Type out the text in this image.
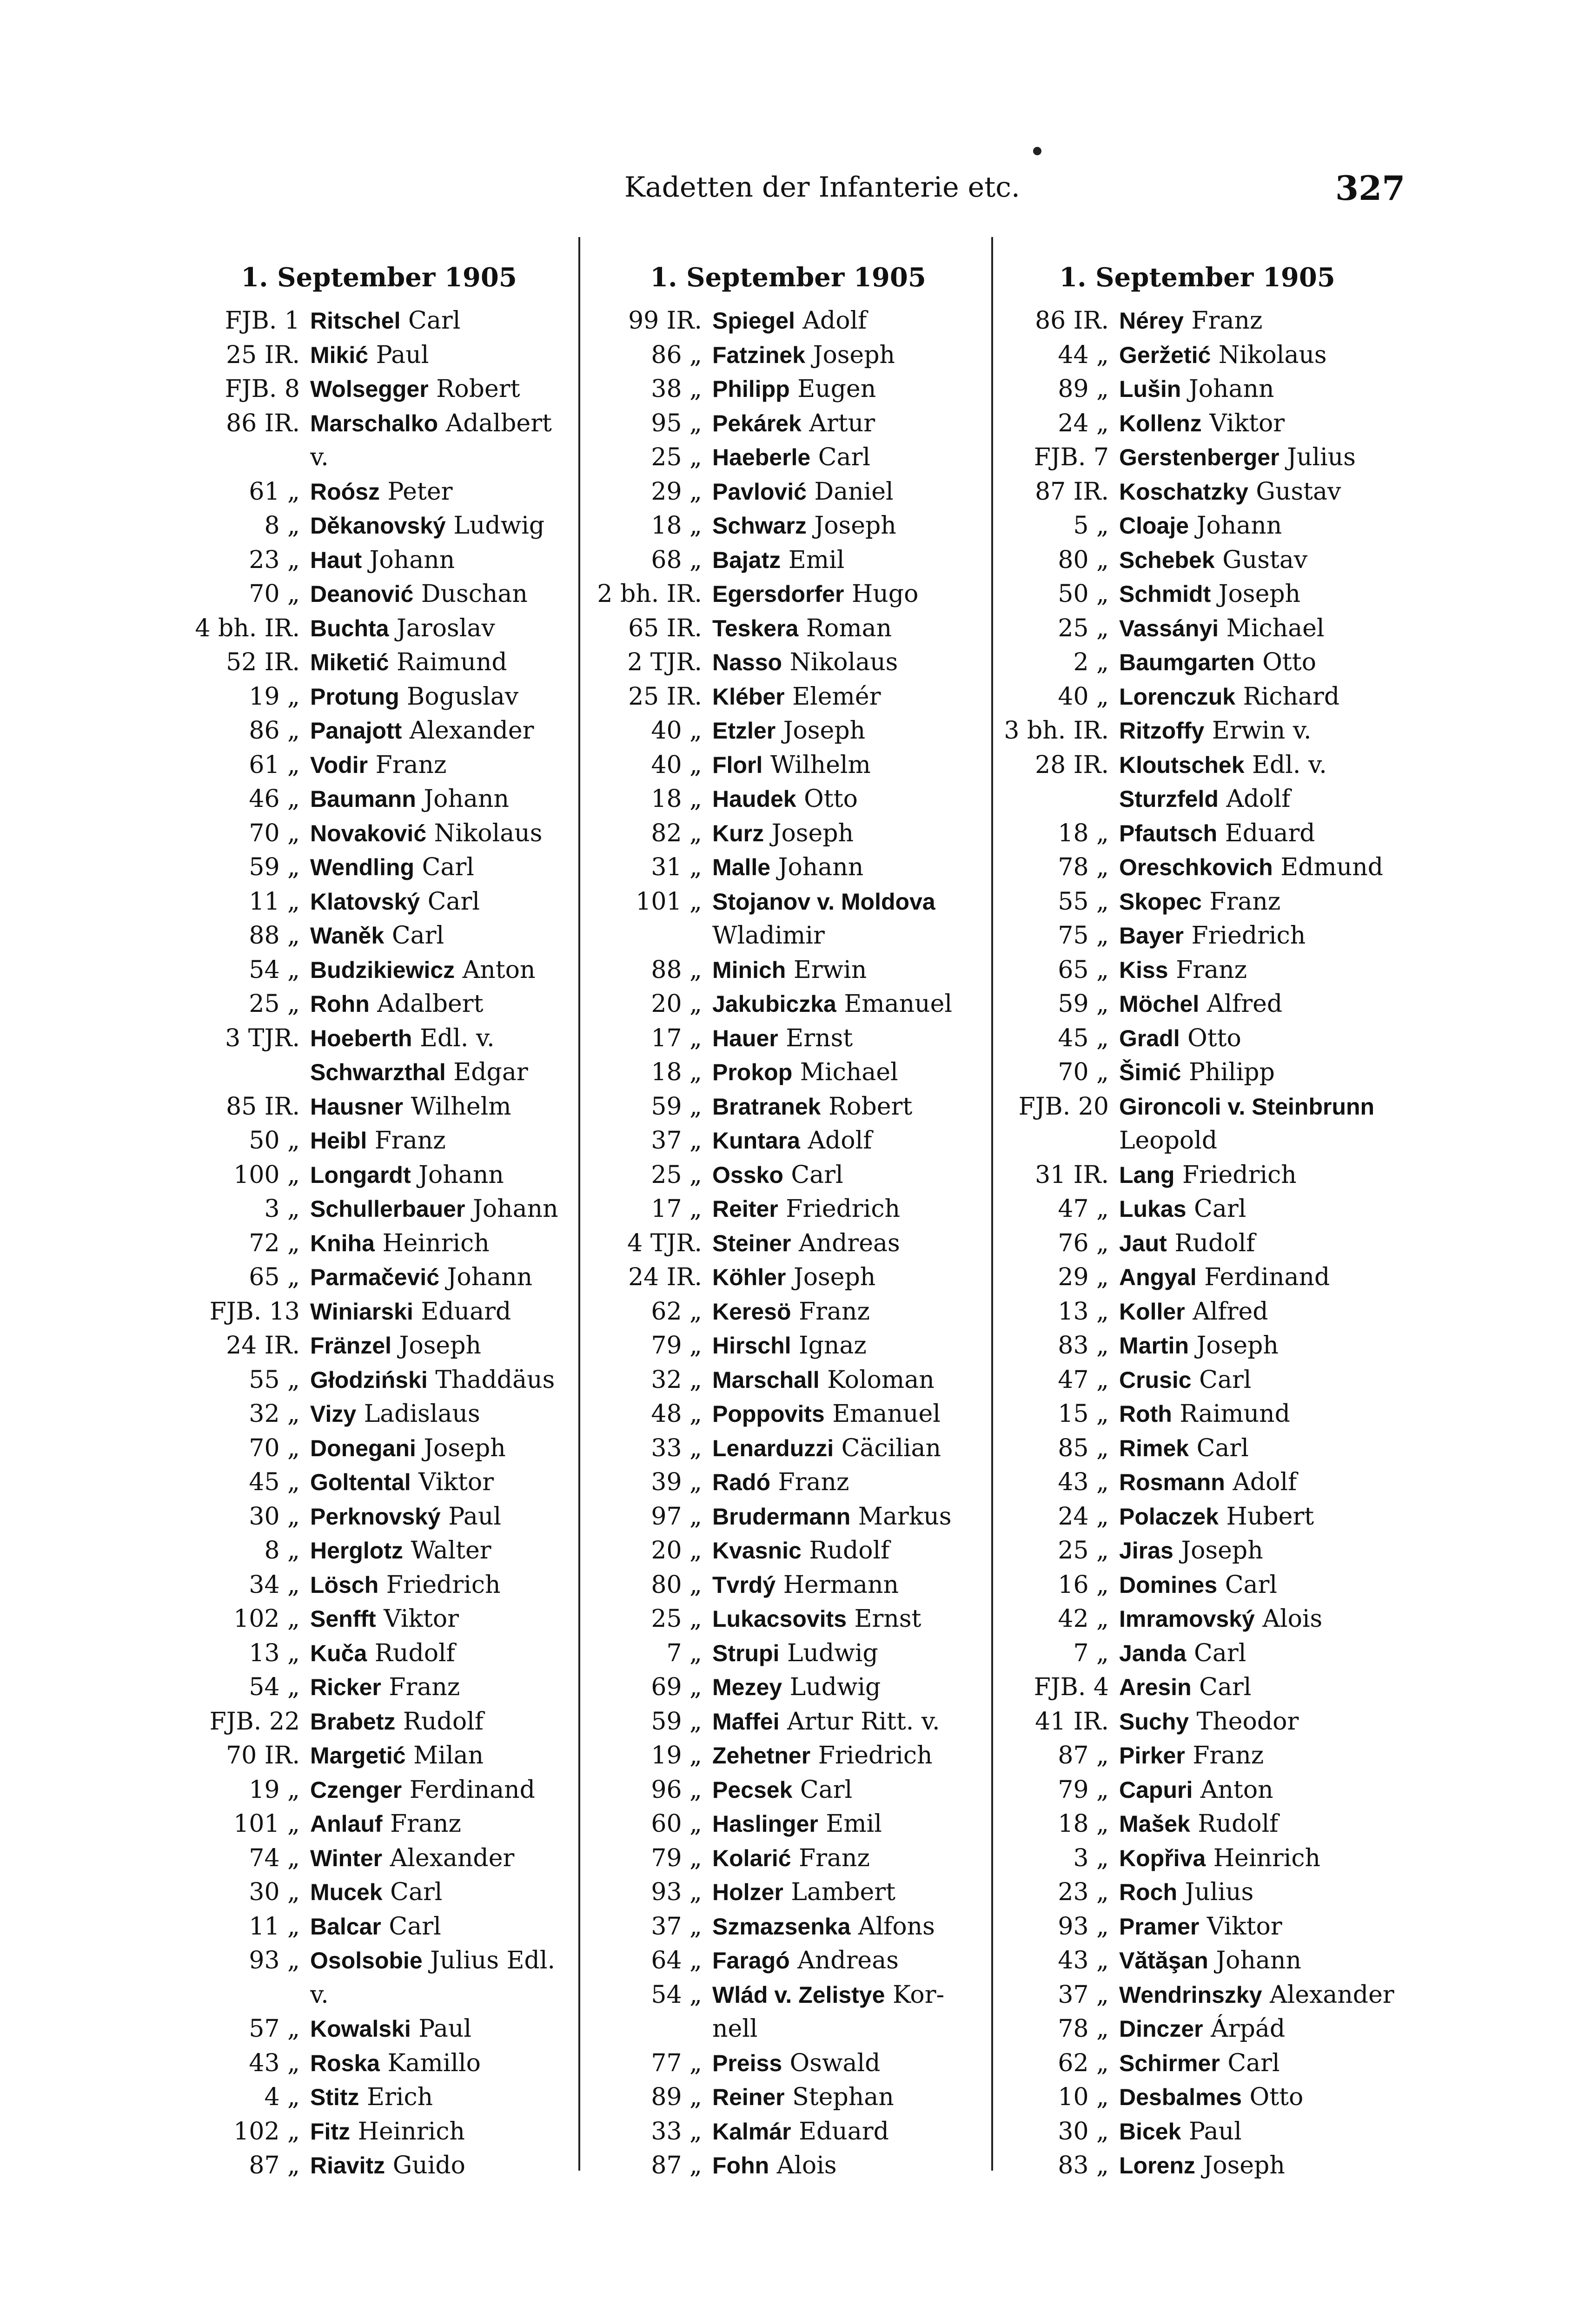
Kadetten der Infanterie etc.	327
1. September 1905
FJB. 1 Ritschel Carl
25 IR. Mikić Paul
FJB. 8 Wolsegger Robert
86 IR. Marschalko Adalbert
v.
61 „ Roósz Peter
8 „ Děkanovský Ludwig
23 „ Haut Johann
70 „ Deanović Duschan
4 bh. IR. Buchta Jaroslav
52 IR. Miketić Raimund
19 „ Protung Boguslav
86 „ Panajott Alexander
61 „ Vodir Franz
46 „ Baumann Johann
70 „ Novaković Nikolaus
59 „ Wendling Carl
11 „ Klatovský Carl
88 „ Waněk Carl
54 „ Budzikiewicz Anton
25 „ Rohn Adalbert
3 TJR. Hoeberth Edl. v.
Schwarzthal Edgar
85 IR. Hausner Wilhelm
50 „ Heibl Franz
100 „ Longardt Johann
3 „ Schullerbauer Johann
72 „ Kniha Heinrich
65 „ Parmačević Johann
FJB. 13 Winiarski Eduard
24 IR. Fränzel Joseph
55 „ Głodziński Thaddäus
32 „ Vizy Ladislaus
70 „ Donegani Joseph
45 „ Goltental Viktor
30 „ Perknovský Paul
8 „ Herglotz Walter
34 „ Lösch Friedrich
102 „ Senfft Viktor
13 „ Kuča Rudolf
54 „ Ricker Franz
FJB. 22 Brabetz Rudolf
70 IR. Margetić Milan
19 „ Czenger Ferdinand
101 „ Anlauf Franz
74 „ Winter Alexander
30 „ Mucek Carl
11 „ Balcar Carl
93 „ Osolsobie Julius Edl.
v.
57 „ Kowalski Paul
43 „ Roska Kamillo
4 „ Stitz Erich
102 „ Fitz Heinrich
87 „ Riavitz Guido
1. September 1905
99 IR. Spiegel Adolf
86 „ Fatzinek Joseph
38 „ Philipp Eugen
95 „ Pekárek Artur
25 „ Haeberle Carl
29 „ Pavlović Daniel
18 „ Schwarz Joseph
68 „ Bajatz Emil
2 bh. IR. Egersdorfer Hugo
65 IR. Teskera Roman
2 TJR. Nasso Nikolaus
25 IR. Kléber Elemér
40 „ Etzler Joseph
40 „ Florl Wilhelm
18 „ Haudek Otto
82 „ Kurz Joseph
31 „ Malle Johann
101 „ Stojanov v. Moldova
Wladimir
88 „ Minich Erwin
20 „ Jakubiczka Emanuel
17 „ Hauer Ernst
18 „ Prokop Michael
59 „ Bratranek Robert
37 „ Kuntara Adolf
25 „ Ossko Carl
17 „ Reiter Friedrich
4 TJR. Steiner Andreas
24 IR. Köhler Joseph
62 „ Keresö Franz
79 „ Hirschl Ignaz
32 „ Marschall Koloman
48 „ Poppovits Emanuel
33 „ Lenarduzzi Cäcilian
39 „ Radó Franz
97 „ Brudermann Markus
20 „ Kvasnic Rudolf
80 „ Tvrdý Hermann
25 „ Lukacsovits Ernst
7 „ Strupi Ludwig
69 „ Mezey Ludwig
59 „ Maffei Artur Ritt. v.
19 „ Zehetner Friedrich
96 „ Pecsek Carl
60 „ Haslinger Emil
79 „ Kolarić Franz
93 „ Holzer Lambert
37 „ Szmazsenka Alfons
64 „ Faragó Andreas
54 „ Wlád v. Zelistye Kor-
nell
77 „ Preiss Oswald
89 „ Reiner Stephan
33 „ Kalmár Eduard
87 „ Fohn Alois
1. September 1905
86 IR. Nérey Franz
44 „ Geržetić Nikolaus
89 „ Lušin Johann
24 „ Kollenz Viktor
FJB. 7 Gerstenberger Julius
87 IR. Koschatzky Gustav
5 „ Cloaje Johann
80 „ Schebek Gustav
50 „ Schmidt Joseph
25 „ Vassányi Michael
2 „ Baumgarten Otto
40 „ Lorenczuk Richard
3 bh. IR. Ritzoffy Erwin v.
28 IR. Kloutschek Edl. v.
Sturzfeld Adolf
18 „ Pfautsch Eduard
78 „ Oreschkovich Edmund
55 „ Skopec Franz
75 „ Bayer Friedrich
65 „ Kiss Franz
59 „ Möchel Alfred
45 „ Gradl Otto
70 „ Šimić Philipp
FJB. 20 Gironcoli v. Steinbrunn
Leopold
31 IR. Lang Friedrich
47 „ Lukas Carl
76 „ Jaut Rudolf
29 „ Angyal Ferdinand
13 „ Koller Alfred
83 „ Martin Joseph
47 „ Crusic Carl
15 „ Roth Raimund
85 „ Rimek Carl
43 „ Rosmann Adolf
24 „ Polaczek Hubert
25 „ Jiras Joseph
16 „ Domines Carl
42 „ Imramovský Alois
7 „ Janda Carl
FJB. 4 Aresin Carl
41 IR. Suchy Theodor
87 „ Pirker Franz
79 „ Capuri Anton
18 „ Mašek Rudolf
3 „ Kopřiva Heinrich
23 „ Roch Julius
93 „ Pramer Viktor
43 „ Vătăşan Johann
37 „ Wendrinszky Alexander
78 „ Dinczer Árpád
62 „ Schirmer Carl
10 „ Desbalmes Otto
30 „ Bicek Paul
83 „ Lorenz Joseph
